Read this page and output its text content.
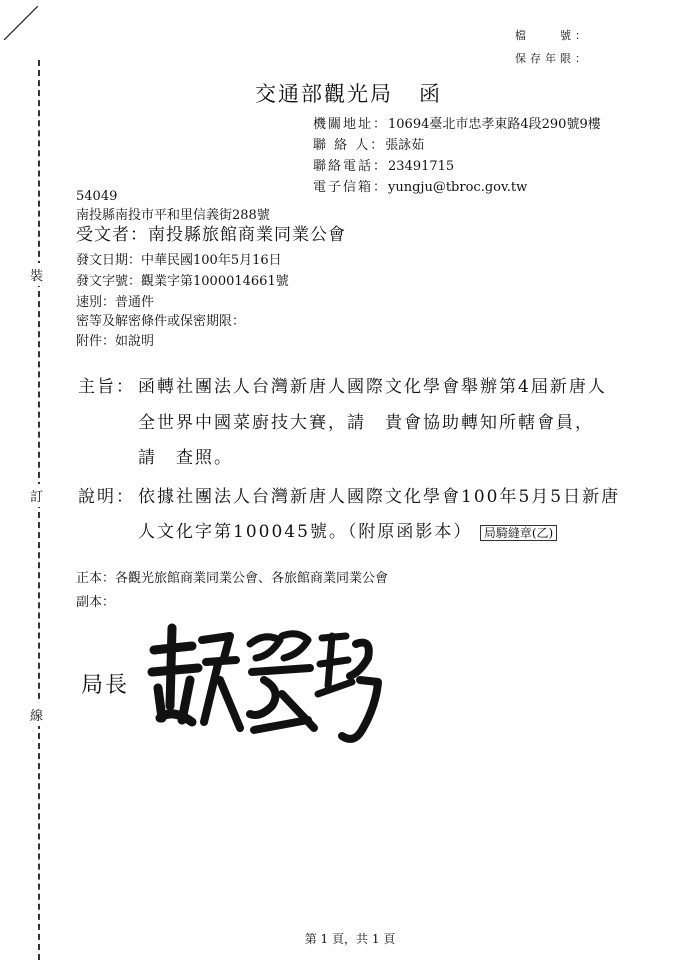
檔　　號：
保存年限：
裝
訂
線
交通部觀光局 函
機關地址：10694臺北市忠孝東路4段290號9樓
聯 絡 人：張詠茹
聯絡電話：23491715
電子信箱：yungju@tbroc.gov.tw
54049
南投縣南投市平和里信義街288號
受文者：南投縣旅館商業同業公會
發文日期：中華民國100年5月16日
發文字號：觀業字第1000014661號
速別：普通件
密等及解密條件或保密期限：
附件：如說明
主旨： 函轉社團法人台灣新唐人國際文化學會舉辦第4屆新唐人
全世界中國菜廚技大賽，請　貴會協助轉知所轄會員，
請　查照。
說明： 依據社團法人台灣新唐人國際文化學會100年5月5日新唐
人文化字第100045號。（附原函影本） 局騎縫章(乙)
正本：各觀光旅館商業同業公會、各旅館商業同業公會
副本：
局長
第 1 頁，共 1 頁
